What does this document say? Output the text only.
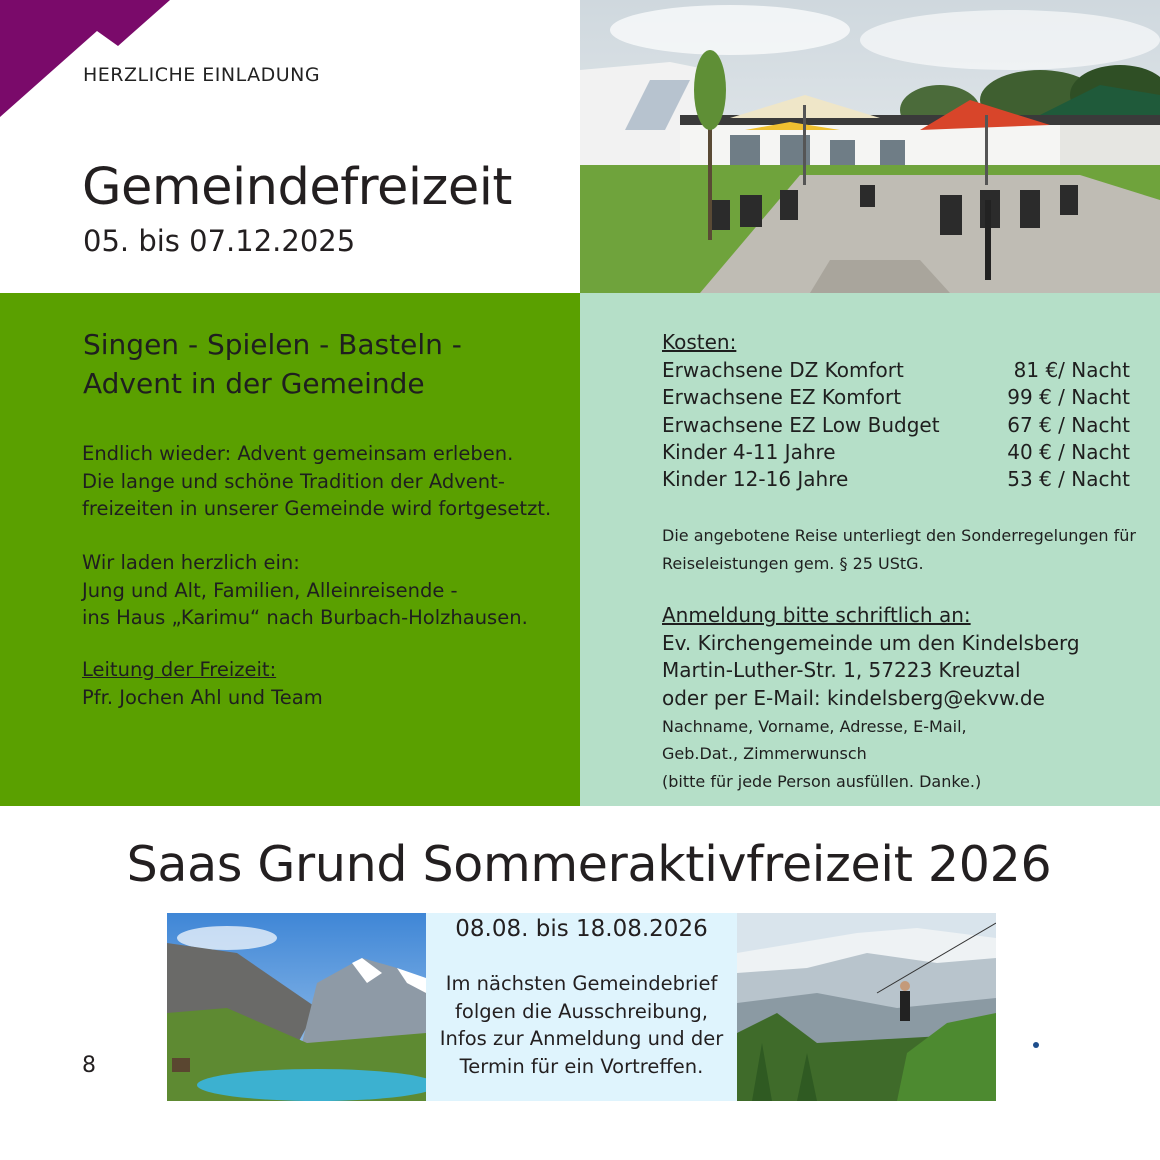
HERZLICHE EINLADUNG
Gemeindefreizeit
05. bis 07.12.2025
Singen - Spielen - Basteln -
Advent in der Gemeinde
Endlich wieder: Advent gemeinsam erleben.
Die lange und schöne Tradition der Advent-
freizeiten in unserer Gemeinde wird fortgesetzt.
Wir laden herzlich ein:
Jung und Alt, Familien, Alleinreisende -
ins Haus „Karimu“ nach Burbach-Holzhausen.
Leitung der Freizeit:
Pfr. Jochen Ahl und Team
Kosten:
Erwachsene DZ Komfort	81 €/ Nacht
Erwachsene EZ Komfort	99 € / Nacht
Erwachsene EZ Low Budget	67 € / Nacht
Kinder 4-11 Jahre	40 € / Nacht
Kinder 12-16 Jahre	53 € / Nacht
Die angebotene Reise unterliegt den Sonderregelungen für Reiseleistungen gem. § 25 UStG.
Anmeldung bitte schriftlich an:
Ev. Kirchengemeinde um den Kindelsberg
Martin-Luther-Str. 1, 57223 Kreuztal
oder per E-Mail: kindelsberg@ekvw.de
Nachname, Vorname, Adresse, E-Mail,
Geb.Dat., Zimmerwunsch
(bitte für jede Person ausfüllen. Danke.)
Saas Grund Sommeraktivfreizeit 2026
08.08. bis 18.08.2026
Im nächsten Gemeindebrief
folgen die Ausschreibung,
Infos zur Anmeldung und der
Termin für ein Vortreffen.
8
